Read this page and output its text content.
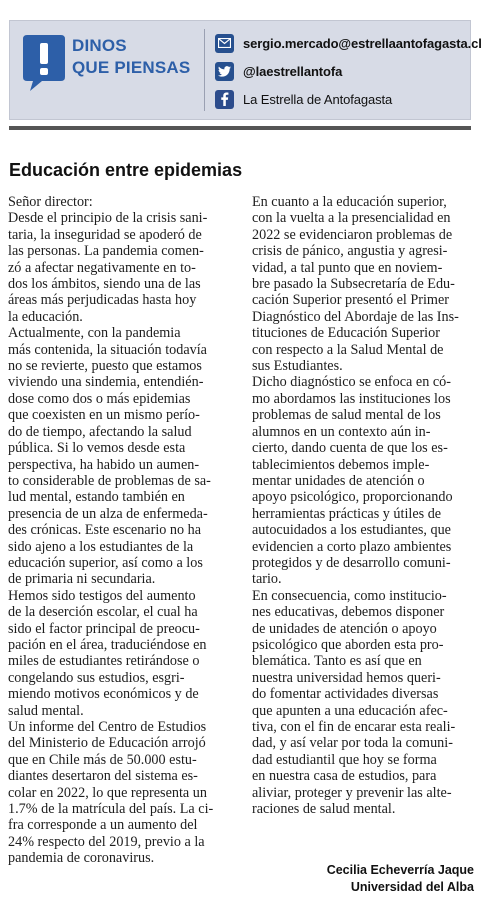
DINOS
QUE PIENSAS
sergio.mercado@estrellaantofagasta.cl
@laestrellantofa
La Estrella de Antofagasta
Educación entre epidemias
Señor director:
Desde el principio de la crisis sani-
taria, la inseguridad se apoderó de
las personas. La pandemia comen-
zó a afectar negativamente en to-
dos los ámbitos, siendo una de las
áreas más perjudicadas hasta hoy
la educación.
Actualmente, con la pandemia
más contenida, la situación todavía
no se revierte, puesto que estamos
viviendo una sindemia, entendién-
dose como dos o más epidemias
que coexisten en un mismo perío-
do de tiempo, afectando la salud
pública. Si lo vemos desde esta
perspectiva, ha habido un aumen-
to considerable de problemas de sa-
lud mental, estando también en
presencia de un alza de enfermeda-
des crónicas. Este escenario no ha
sido ajeno a los estudiantes de la
educación superior, así como a los
de primaria ni secundaria.
Hemos sido testigos del aumento
de la deserción escolar, el cual ha
sido el factor principal de preocu-
pación en el área, traduciéndose en
miles de estudiantes retirándose o
congelando sus estudios, esgri-
miendo motivos económicos y de
salud mental.
Un informe del Centro de Estudios
del Ministerio de Educación arrojó
que en Chile más de 50.000 estu-
diantes desertaron del sistema es-
colar en 2022, lo que representa un
1.7% de la matrícula del país. La ci-
fra corresponde a un aumento del
24% respecto del 2019, previo a la
pandemia de coronavirus.
En cuanto a la educación superior,
con la vuelta a la presencialidad en
2022 se evidenciaron problemas de
crisis de pánico, angustia y agresi-
vidad, a tal punto que en noviem-
bre pasado la Subsecretaría de Edu-
cación Superior presentó el Primer
Diagnóstico del Abordaje de las Ins-
tituciones de Educación Superior
con respecto a la Salud Mental de
sus Estudiantes.
Dicho diagnóstico se enfoca en có-
mo abordamos las instituciones los
problemas de salud mental de los
alumnos en un contexto aún in-
cierto, dando cuenta de que los es-
tablecimientos debemos imple-
mentar unidades de atención o
apoyo psicológico, proporcionando
herramientas prácticas y útiles de
autocuidados a los estudiantes, que
evidencien a corto plazo ambientes
protegidos y de desarrollo comuni-
tario.
En consecuencia, como institucio-
nes educativas, debemos disponer
de unidades de atención o apoyo
psicológico que aborden esta pro-
blemática. Tanto es así que en
nuestra universidad hemos queri-
do fomentar actividades diversas
que apunten a una educación afec-
tiva, con el fin de encarar esta reali-
dad, y así velar por toda la comuni-
dad estudiantil que hoy se forma
en nuestra casa de estudios, para
aliviar, proteger y prevenir las alte-
raciones de salud mental.
Cecilia Echeverría Jaque
Universidad del Alba
